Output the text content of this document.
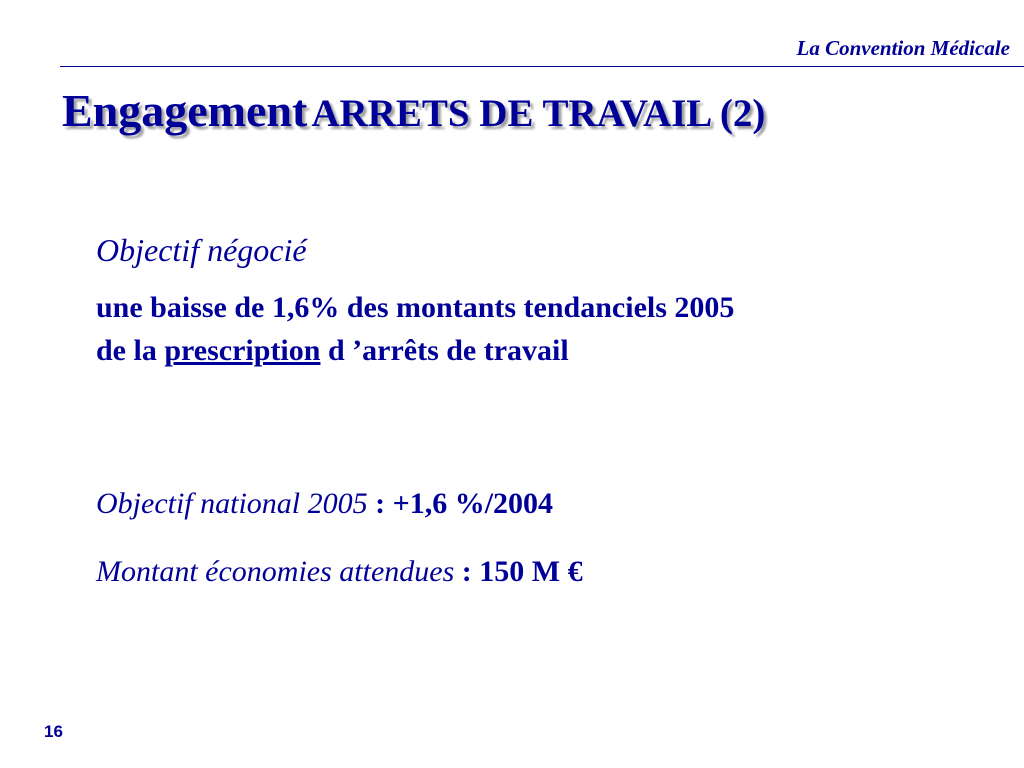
La Convention Médicale
Engagement ARRETS DE TRAVAIL (2)
Objectif négocié
une baisse de 1,6% des montants tendanciels 2005
de la prescription d ’arrêts de travail
Objectif national 2005 : +1,6 %/2004
Montant économies attendues : 150 M €
16
